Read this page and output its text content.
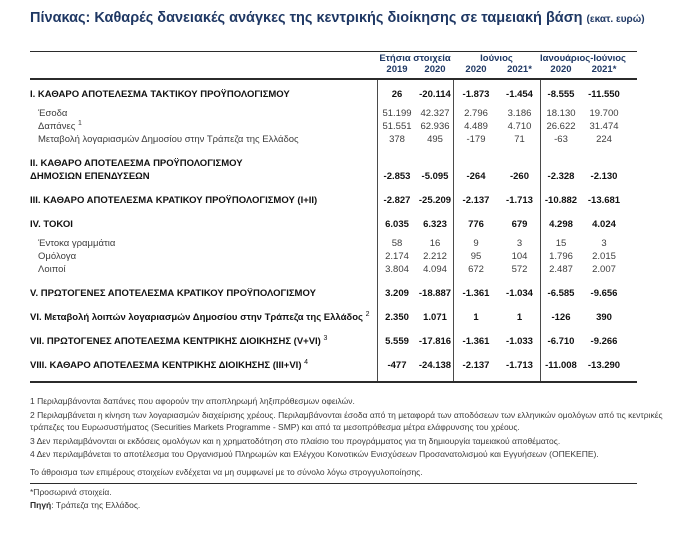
Πίνακας: Καθαρές δανειακές ανάγκες της κεντρικής διοίκησης σε ταμειακή βάση (εκατ. ευρώ)
Ετήσια στοιχεία	Ιούνιος	Ιανουάριος-Ιούνιος
2019	2020	2020	2021*	2020	2021*
I. ΚΑΘΑΡΟ ΑΠΟΤΕΛΕΣΜΑ ΤΑΚΤΙΚΟΥ ΠΡΟΫΠΟΛΟΓΙΣΜΟΥ	26	-20.114	-1.873	-1.454	-8.555	-11.550
Έσοδα	51.199 42.327	2.796	3.186	18.130	19.700
Δαπάνες $^1$	51.551 62.936	4.489	4.710	26.622	31.474
Μεταβολή λογαριασμών Δημοσίου στην Τράπεζα της Ελλάδος	378	495	-179	71	-63	224
II. ΚΑΘΑΡΟ ΑΠΟΤΕΛΕΣΜΑ ΠΡΟΫΠΟΛΟΓΙΣΜΟΥ
ΔΗΜΟΣΙΩΝ ΕΠΕΝΔΥΣΕΩΝ	-2.853	-5.095	-264	-260	-2.328	-2.130
III. ΚΑΘΑΡΟ ΑΠΟΤΕΛΕΣΜΑ ΚΡΑΤΙΚΟΥ ΠΡΟΫΠΟΛΟΓΙΣΜΟΥ (I+II)	-2.827 -25.209	-2.137	-1.713	-10.882	-13.681
IV. ΤΟΚΟΙ	6.035	6.323	776	679	4.298	4.024
Έντοκα γραμμάτια	58	16	9	3	15	3
Ομόλογα	2.174	2.212	95	104	1.796	2.015
Λοιποί	3.804	4.094	672	572	2.487	2.007
V. ΠΡΩΤΟΓΕΝΕΣ ΑΠΟΤΕΛΕΣΜΑ ΚΡΑΤΙΚΟΥ ΠΡΟΫΠΟΛΟΓΙΣΜΟΥ	3.209	-18.887	-1.361	-1.034	-6.585	-9.656
VI. Μεταβολή λοιπών λογαριασμών Δημοσίου στην Τράπεζα της Ελλάδος $^2$	2.350	1.071	1	1	-126	390
VII. ΠΡΩΤΟΓΕΝΕΣ ΑΠΟΤΕΛΕΣΜΑ ΚΕΝΤΡΙΚΗΣ ΔΙΟΙΚΗΣΗΣ (V+VI) $^3$	5.559	-17.816	-1.361	-1.033	-6.710	-9.266
VIII. ΚΑΘΑΡΟ ΑΠΟΤΕΛΕΣΜΑ ΚΕΝΤΡΙΚΗΣ ΔΙΟΙΚΗΣΗΣ (III+VI) $^4$	-477	-24.138	-2.137	-1.713	-11.008	-13.290
1 Περιλαμβάνονται δαπάνες που αφορούν την αποπληρωμή ληξιπρόθεσμων οφειλών.
2 Περιλαμβάνεται η κίνηση των λογαριασμών διαχείρισης χρέους. Περιλαμβάνονται έσοδα από τη μεταφορά των αποδόσεων των ελληνικών ομολόγων από τις κεντρικές τράπεζες του Ευρωσυστήματος (Securities Markets Programme - SMP) και από τα μεσοπρόθεσμα μέτρα ελάφρυνσης του χρέους.
3 Δεν περιλαμβάνονται οι εκδόσεις ομολόγων και η χρηματοδότηση στο πλαίσιο του προγράμματος για τη δημιουργία ταμειακού αποθέματος.
4 Δεν περιλαμβάνεται το αποτέλεσμα του Οργανισμού Πληρωμών και Ελέγχου Κοινοτικών Ενισχύσεων Προσανατολισμού και Εγγυήσεων (ΟΠΕΚΕΠΕ).
Το άθροισμα των επιμέρους στοιχείων ενδέχεται να μη συμφωνεί με το σύνολο λόγω στρογγυλοποίησης.
*Προσωρινά στοιχεία.
Πηγή: Τράπεζα της Ελλάδος.
